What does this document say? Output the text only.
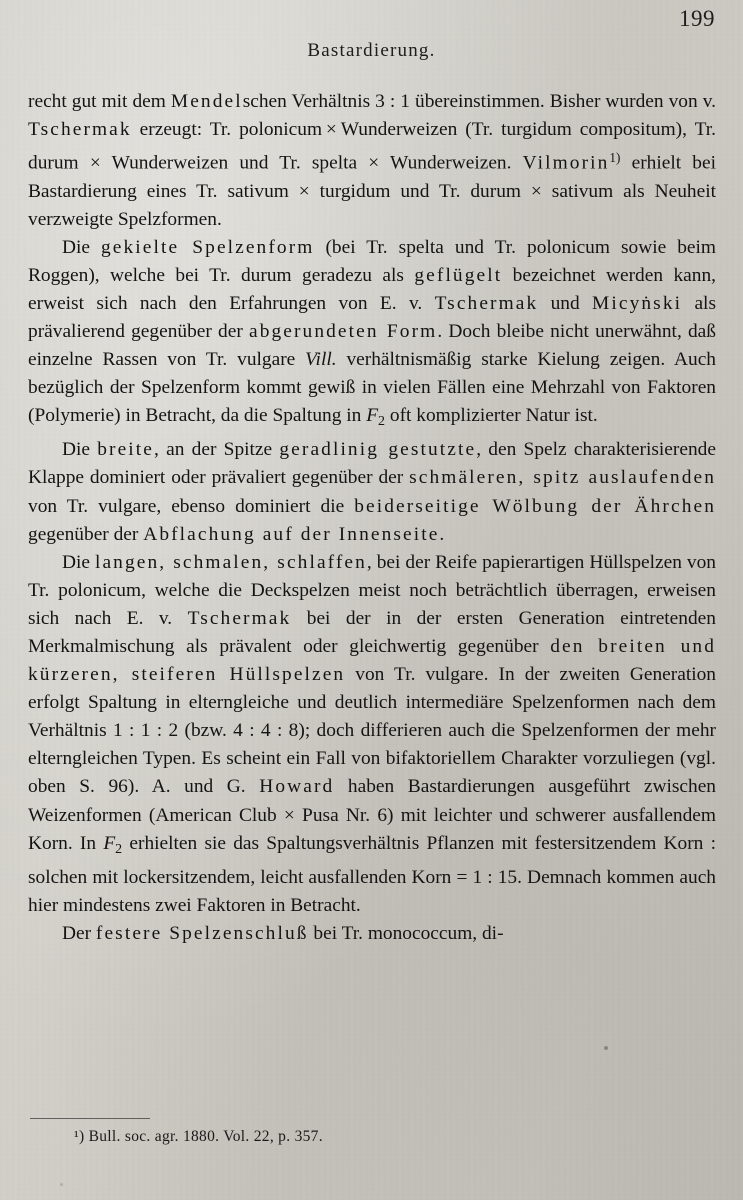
Bastardierung.
199

recht gut mit dem Mendelschen Verhältnis 3 : 1 übereinstimmen. Bisher wurden von v. Tschermak erzeugt: Tr. polonicum × Wunderweizen (Tr. turgidum compositum), Tr. durum × Wunderweizen und Tr. spelta × Wunderweizen. Vilmorin$^{1)}$ erhielt bei Bastardierung eines Tr. sativum × turgidum und Tr. durum × sativum als Neuheit verzweigte Spelzformen.

Die gekielte Spelzenform (bei Tr. spelta und Tr. polonicum sowie beim Roggen), welche bei Tr. durum geradezu als geflügelt bezeichnet werden kann, erweist sich nach den Erfahrungen von E. v. Tschermak und Micyṅski als prävalierend gegenüber der abgerundeten Form. Doch bleibe nicht unerwähnt, daß einzelne Rassen von Tr. vulgare Vill. verhältnismäßig starke Kielung zeigen. Auch bezüglich der Spelzenform kommt gewiß in vielen Fällen eine Mehrzahl von Faktoren (Polymerie) in Betracht, da die Spaltung in $F_2$ oft komplizierter Natur ist.

Die breite, an der Spitze geradlinig gestutzte, den Spelz charakterisierende Klappe dominiert oder prävaliert gegenüber der schmäleren, spitz auslaufenden von Tr. vulgare, ebenso dominiert die beiderseitige Wölbung der Ährchen gegenüber der Abflachung auf der Innenseite.

Die langen, schmalen, schlaffen, bei der Reife papierartigen Hüllspelzen von Tr. polonicum, welche die Deckspelzen meist noch beträchtlich überragen, erweisen sich nach E. v. Tschermak bei der in der ersten Generation eintretenden Merkmalmischung als prävalent oder gleichwertig gegenüber den breiten und kürzeren, steiferen Hüllspelzen von Tr. vulgare. In der zweiten Generation erfolgt Spaltung in elterngleiche und deutlich intermediäre Spelzenformen nach dem Verhältnis 1 : 1 : 2 (bzw. 4 : 4 : 8); doch differieren auch die Spelzenformen der mehr elterngleichen Typen. Es scheint ein Fall von bifaktoriellem Charakter vorzuliegen (vgl. oben S. 96). A. und G. Howard haben Bastardierungen ausgeführt zwischen Weizenformen (American Club × Pusa Nr. 6) mit leichter und schwerer ausfallendem Korn. In $F_2$ erhielten sie das Spaltungsverhältnis Pflanzen mit festersitzendem Korn : solchen mit lockersitzendem, leicht ausfallenden Korn = 1 : 15. Demnach kommen auch hier mindestens zwei Faktoren in Betracht.

Der festere Spelzenschluß bei Tr. monococcum, di-

¹) Bull. soc. agr. 1880. Vol. 22, p. 357.
